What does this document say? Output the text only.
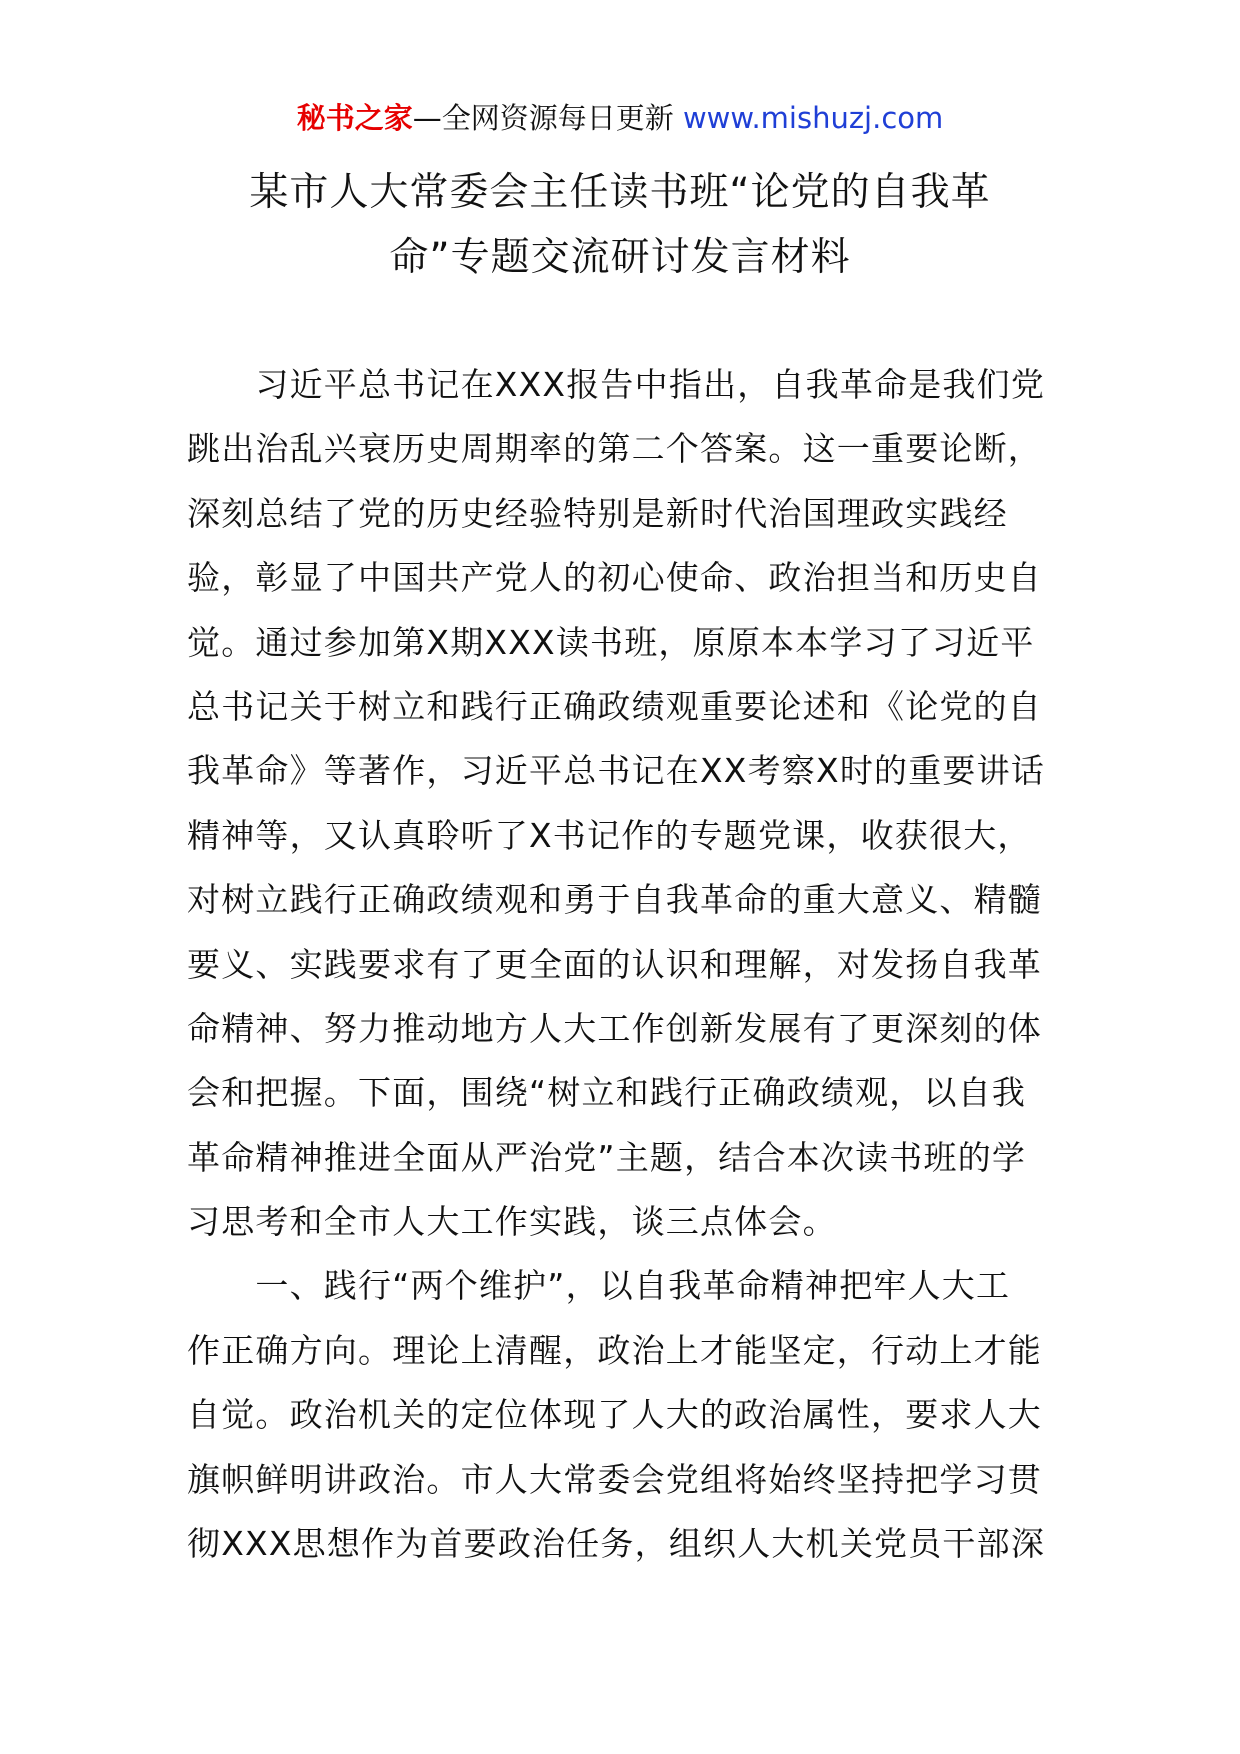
秘书之家—全网资源每日更新 www.mishuzj.com
某市人大常委会主任读书班“论党的自我革
命”专题交流研讨发言材料
　　习近平总书记在XXX报告中指出，自我革命是我们党
跳出治乱兴衰历史周期率的第二个答案。这一重要论断，
深刻总结了党的历史经验特别是新时代治国理政实践经
验，彰显了中国共产党人的初心使命、政治担当和历史自
觉。通过参加第X期XXX读书班，原原本本学习了习近平
总书记关于树立和践行正确政绩观重要论述和《论党的自
我革命》等著作，习近平总书记在XX考察X时的重要讲话
精神等，又认真聆听了X书记作的专题党课，收获很大，
对树立践行正确政绩观和勇于自我革命的重大意义、精髓
要义、实践要求有了更全面的认识和理解，对发扬自我革
命精神、努力推动地方人大工作创新发展有了更深刻的体
会和把握。下面，围绕“树立和践行正确政绩观，以自我
革命精神推进全面从严治党”主题，结合本次读书班的学
习思考和全市人大工作实践，谈三点体会。
　　一、践行“两个维护”，以自我革命精神把牢人大工
作正确方向。理论上清醒，政治上才能坚定，行动上才能
自觉。政治机关的定位体现了人大的政治属性，要求人大
旗帜鲜明讲政治。市人大常委会党组将始终坚持把学习贯
彻XXX思想作为首要政治任务，组织人大机关党员干部深
